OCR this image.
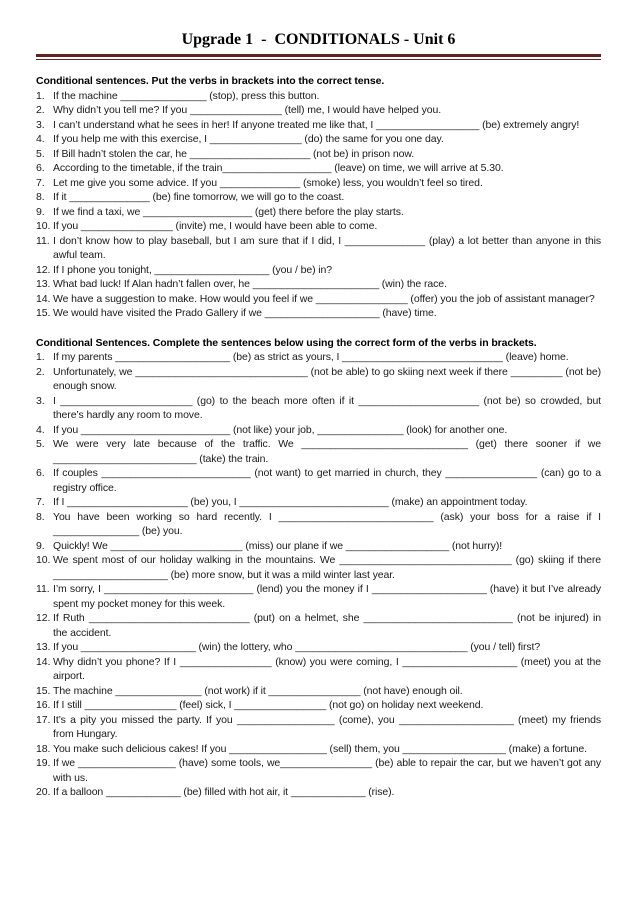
Upgrade 1  -  CONDITIONALS - Unit 6

Conditional sentences. Put the verbs in brackets into the correct tense.

1. If the machine _______________ (stop), press this button.
2. Why didn’t you tell me? If you ________________ (tell) me, I would have helped you.
3. I can’t understand what he sees in her! If anyone treated me like that, I __________________ (be) extremely angry!
4. If you help me with this exercise, I ________________ (do) the same for you one day.
5. If Bill hadn’t stolen the car, he _____________________ (not be) in prison now.
6. According to the timetable, if the train___________________ (leave) on time, we will arrive at 5.30.
7. Let me give you some advice. If you ______________ (smoke) less, you wouldn’t feel so tired.
8. If it ______________ (be) fine tomorrow, we will go to the coast.
9. If we find a taxi, we ___________________ (get) there before the play starts.
10. If you ________________ (invite) me, I would have been able to come.
11. I don’t know how to play baseball, but I am sure that if I did, I ______________ (play) a lot better than anyone in this awful team.
12. If I phone you tonight, ____________________ (you / be) in?
13. What bad luck! If Alan hadn’t fallen over, he ______________________ (win) the race.
14. We have a suggestion to make. How would you feel if we ________________ (offer) you the job of assistant manager?
15. We would have visited the Prado Gallery if we ____________________ (have) time.

Conditional Sentences. Complete the sentences below using the correct form of the verbs in brackets.

1. If my parents ____________________ (be) as strict as yours, I ____________________________ (leave) home.
2. Unfortunately, we ______________________________ (not be able) to go skiing next week if there _________ (not be) enough snow.
3. I _______________________ (go) to the beach more often if it _____________________ (not be) so crowded, but there’s hardly any room to move.
4. If you __________________________ (not like) your job, _______________ (look) for another one.
5. We were very late because of the traffic. We _____________________________ (get) there sooner if we _________________________ (take) the train.
6. If couples __________________________ (not want) to get married in church, they ________________ (can) go to a registry office.
7. If I _____________________ (be) you, I __________________________ (make) an appointment today.
8. You have been working so hard recently. I ___________________________ (ask) your boss for a raise if I _______________ (be) you.
9. Quickly! We _______________________ (miss) our plane if we __________________ (not hurry)!
10. We spent most of our holiday walking in the mountains. We ______________________________ (go) skiing if there ____________________ (be) more snow, but it was a mild winter last year.
11. I’m sorry, I __________________________ (lend) you the money if I ____________________ (have) it but I’ve already spent my pocket money for this week.
12. If Ruth ____________________________ (put) on a helmet, she __________________________ (not be injured) in the accident.
13. If you ____________________ (win) the lottery, who ______________________________ (you / tell) first?
14. Why didn’t you phone? If I ________________ (know) you were coming, I ____________________ (meet) you at the airport.
15. The machine _______________ (not work) if it ________________ (not have) enough oil.
16. If I still ________________ (feel) sick, I ________________ (not go) on holiday next weekend.
17. It’s a pity you missed the party. If you _________________ (come), you ____________________ (meet) my friends from Hungary.
18. You make such delicious cakes! If you _________________ (sell) them, you __________________ (make) a fortune.
19. If we _________________ (have) some tools, we________________ (be) able to repair the car, but we haven’t got any with us.
20. If a balloon _____________ (be) filled with hot air, it _____________ (rise).
